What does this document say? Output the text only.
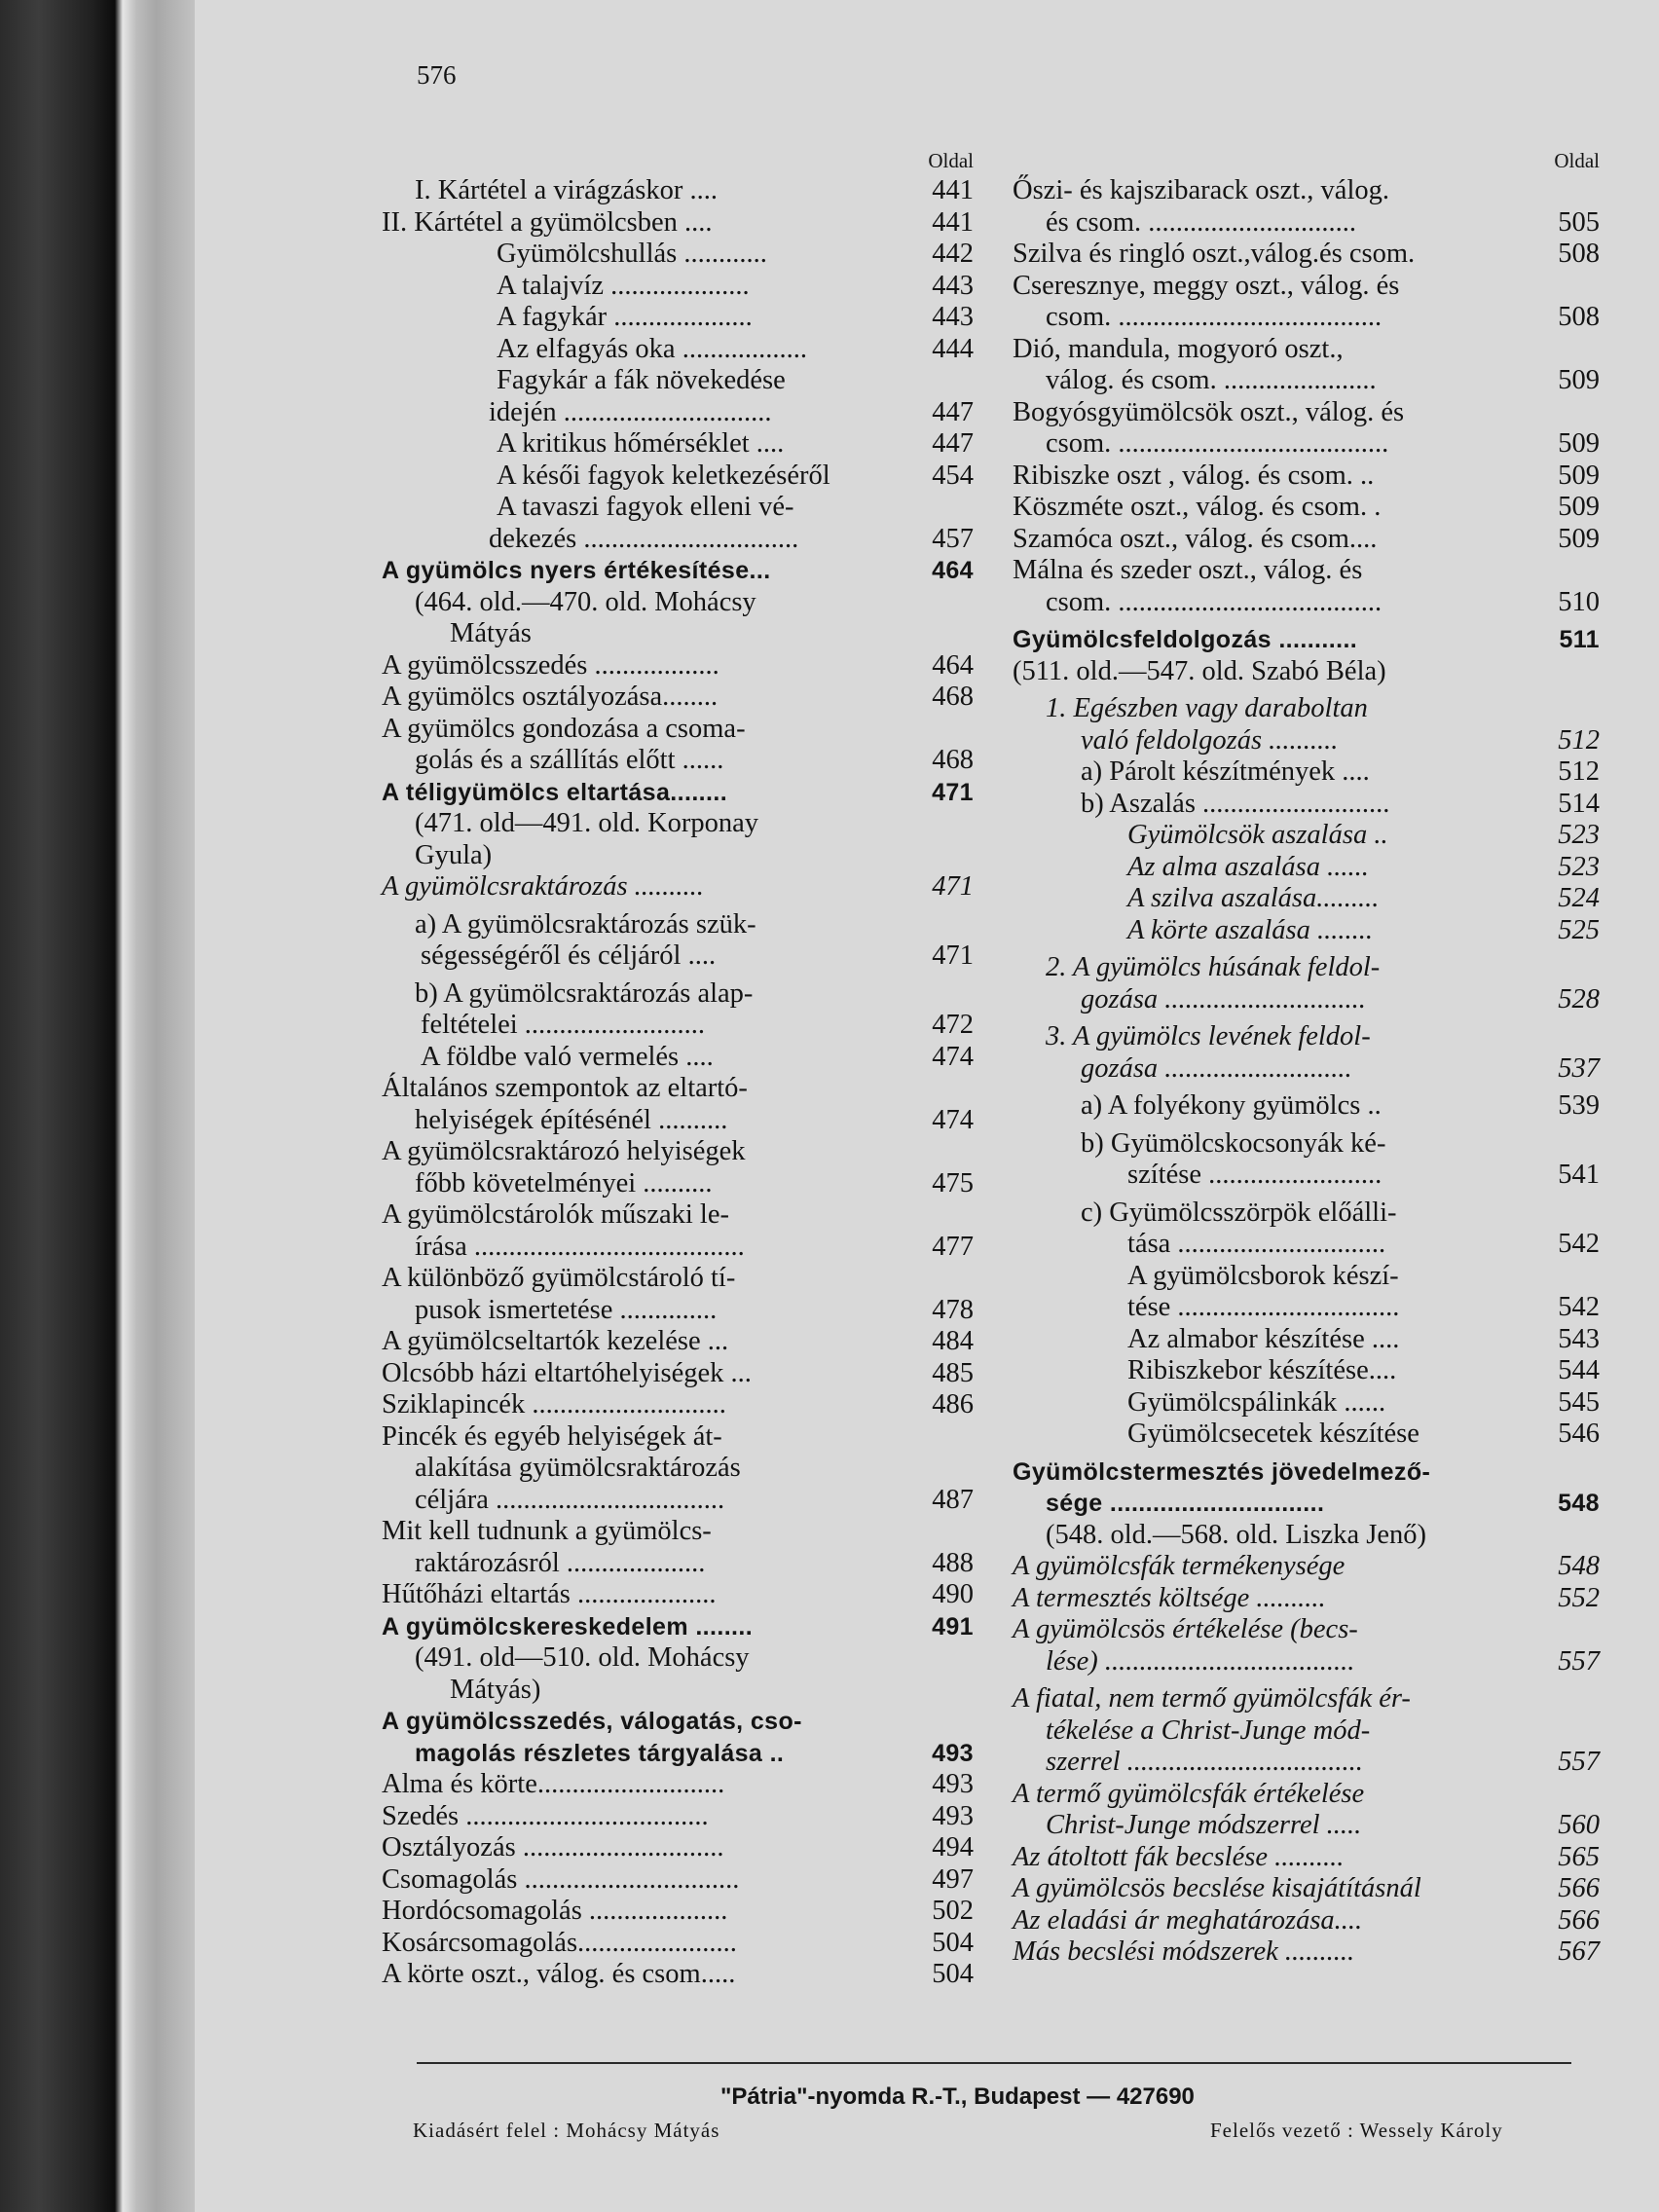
576
Oldal
I. Kártétel a virágzáskor ....	441
II. Kártétel a gyümölcsben ....	441
Gyümölcshullás ............	442
A talajvíz ....................	443
A fagykár ....................	443
Az elfagyás oka ..................	444
Fagykár a fák növekedése
idején ..............................	447
A kritikus hőmérséklet ....	447
A késői fagyok keletkezéséről	454
A tavaszi fagyok elleni vé-
dekezés ...............................	457
A gyümölcs nyers értékesítése...	464
(464. old.—470. old. Mohácsy
Mátyás
A gyümölcsszedés ..................	464
A gyümölcs osztályozása........	468
A gyümölcs gondozása a csoma-
golás és a szállítás előtt ......	468
A téligyümölcs eltartása........	471
(471. old—491. old. Korponay
Gyula)
A gyümölcsraktározás ..........	471
a) A gyümölcsraktározás szük-
ségességéről és céljáról ....	471
b) A gyümölcsraktározás alap-
feltételei ..........................	472
A földbe való vermelés ....	474
Általános szempontok az eltartó-
helyiségek építésénél ..........	474
A gyümölcsraktározó helyiségek
főbb követelményei ..........	475
A gyümölcstárolók műszaki le-
írása .......................................	477
A különböző gyümölcstároló tí-
pusok ismertetése ..............	478
A gyümölcseltartók kezelése ...	484
Olcsóbb házi eltartóhelyiségek ...	485
Sziklapincék ............................	486
Pincék és egyéb helyiségek át-
alakítása gyümölcsraktározás
céljára .................................	487
Mit kell tudnunk a gyümölcs-
raktározásról ....................	488
Hűtőházi eltartás ....................	490
A gyümölcskereskedelem ........	491
(491. old—510. old. Mohácsy
Mátyás)
A gyümölcsszedés, válogatás, cso-
magolás részletes tárgyalása ..	493
Alma és körte...........................	493
Szedés ...................................	493
Osztályozás .............................	494
Csomagolás ...............................	497
Hordócsomagolás ....................	502
Kosárcsomagolás.......................	504
A körte oszt., válog. és csom.....	504
Oldal
Őszi- és kajszibarack oszt., válog.
és csom. ..............................	505
Szilva és ringló oszt.,válog.és csom.	508
Cseresznye, meggy oszt., válog. és
csom. ......................................	508
Dió, mandula, mogyoró oszt.,
válog. és csom. ......................	509
Bogyósgyümölcsök oszt., válog. és
csom. .......................................	509
Ribiszke oszt , válog. és csom. ..	509
Köszméte oszt., válog. és csom. .	509
Szamóca oszt., válog. és csom....	509
Málna és szeder oszt., válog. és
csom. ......................................	510
Gyümölcsfeldolgozás ...........	511
(511. old.—547. old. Szabó Béla)
1. Egészben vagy daraboltan
való feldolgozás ..........	512
a) Párolt készítmények ....	512
b) Aszalás ...........................	514
Gyümölcsök aszalása ..	523
Az alma aszalása ......	523
A szilva aszalása.........	524
A körte aszalása ........	525
2. A gyümölcs húsának feldol-
gozása .............................	528
3. A gyümölcs levének feldol-
gozása ...........................	537
a) A folyékony gyümölcs ..	539
b) Gyümölcskocsonyák ké-
szítése .........................	541
c) Gyümölcsszörpök előálli-
tása ..............................	542
A gyümölcsborok készí-
tése ................................	542
Az almabor készítése ....	543
Ribiszkebor készítése....	544
Gyümölcspálinkák ......	545
Gyümölcsecetek készítése	546
Gyümölcstermesztés jövedelmező-
sége ..............................	548
(548. old.—568. old. Liszka Jenő)
A gyümölcsfák termékenysége	548
A termesztés költsége ..........	552
A gyümölcsös értékelése (becs-
lése) ....................................	557
A fiatal, nem termő gyümölcsfák ér-
tékelése a Christ-Junge mód-
szerrel ..................................	557
A termő gyümölcsfák értékelése
Christ-Junge módszerrel .....	560
Az átoltott fák becslése ..........	565
A gyümölcsös becslése kisajátításnál	566
Az eladási ár meghatározása....	566
Más becslési módszerek ..........	567
"Pátria"-nyomda R.-T., Budapest — 427690
Kiadásért felel : Mohácsy Mátyás	Felelős vezető : Wessely Károly
